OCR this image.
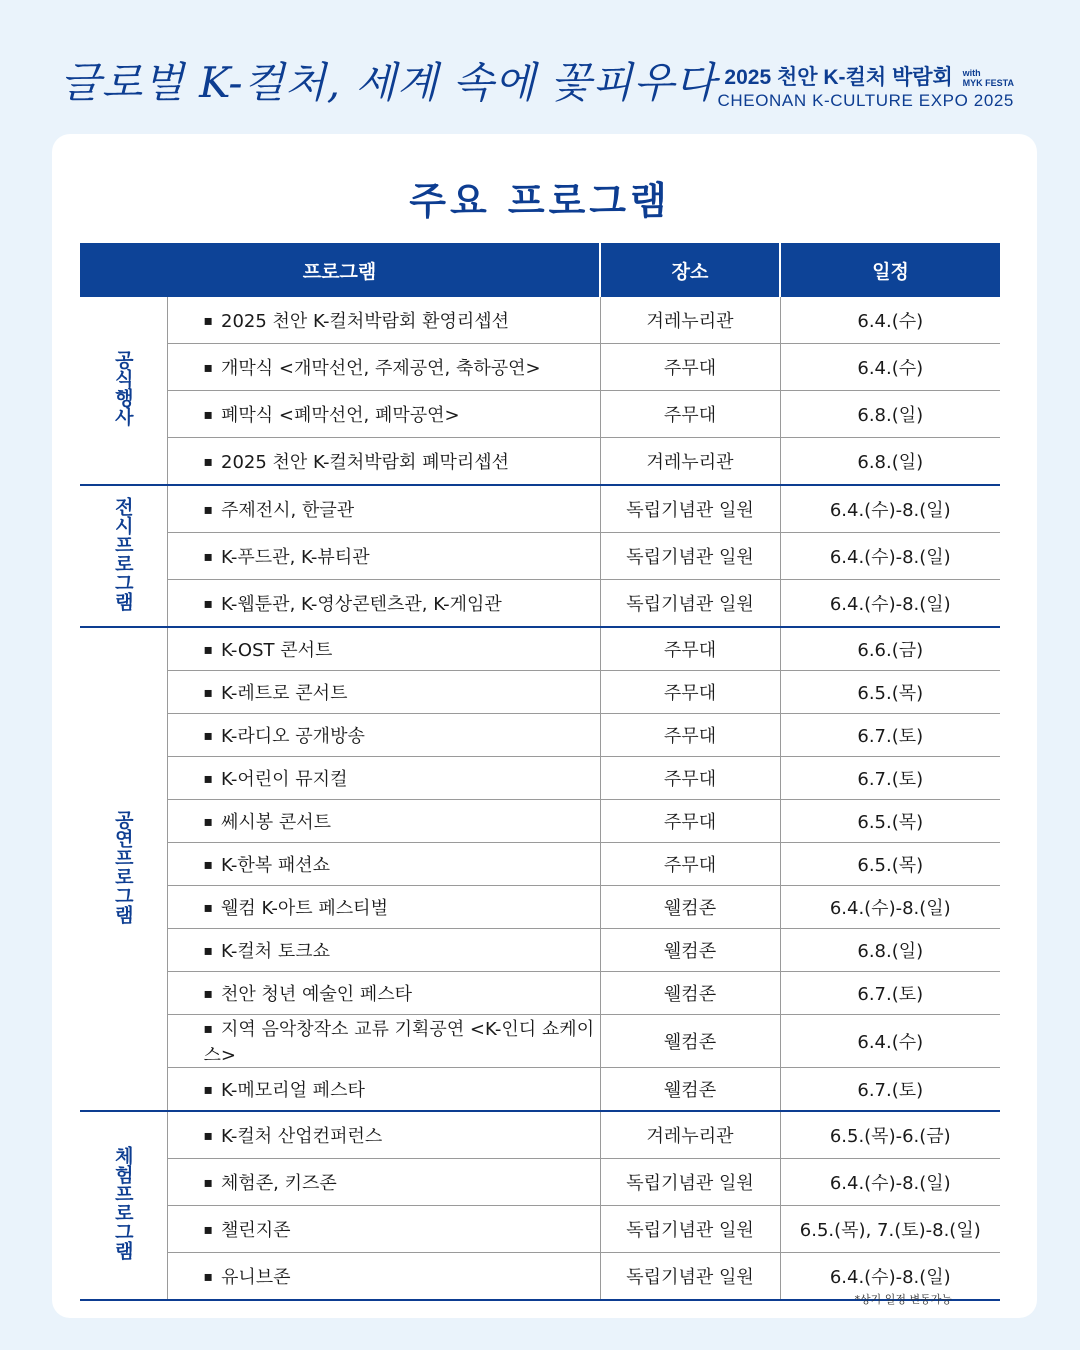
글로벌 K-컬처, 세계 속에 꽃피우다 2025 천안 K-컬처 박람회 with
MYK FESTA
CHEONAN K-CULTURE EXPO 2025
주요 프로그램
프로그램		장소	일정
공식행사	▪ 2025 천안 K-컬처박람회 환영리셉션	겨레누리관	6.4.(수)
	▪ 개막식 <개막선언, 주제공연, 축하공연>	주무대	6.4.(수)
	▪ 폐막식 <폐막선언, 폐막공연>	주무대	6.8.(일)
	▪ 2025 천안 K-컬처박람회 폐막리셉션	겨레누리관	6.8.(일)
전시프로그램	▪ 주제전시, 한글관	독립기념관 일원	6.4.(수)-8.(일)
	▪ K-푸드관, K-뷰티관	독립기념관 일원	6.4.(수)-8.(일)
	▪ K-웹툰관, K-영상콘텐츠관, K-게임관	독립기념관 일원	6.4.(수)-8.(일)
공연프로그램	▪ K-OST 콘서트	주무대	6.6.(금)
	▪ K-레트로 콘서트	주무대	6.5.(목)
	▪ K-라디오 공개방송	주무대	6.7.(토)
	▪ K-어린이 뮤지컬	주무대	6.7.(토)
	▪ 쎄시봉 콘서트	주무대	6.5.(목)
	▪ K-한복 패션쇼	주무대	6.5.(목)
	▪ 웰컴 K-아트 페스티벌	웰컴존	6.4.(수)-8.(일)
	▪ K-컬처 토크쇼	웰컴존	6.8.(일)
	▪ 천안 청년 예술인 페스타	웰컴존	6.7.(토)
	▪ 지역 음악창작소 교류 기획공연 <K-인디 쇼케이스>	웰컴존	6.4.(수)
	▪ K-메모리얼 페스타	웰컴존	6.7.(토)
체험프로그램	▪ K-컬처 산업컨퍼런스	겨레누리관	6.5.(목)-6.(금)
	▪ 체험존, 키즈존	독립기념관 일원	6.4.(수)-8.(일)
	▪ 챌린지존	독립기념관 일원	6.5.(목), 7.(토)-8.(일)
	▪ 유니브존	독립기념관 일원	6.4.(수)-8.(일)
*상기 일정 변동가능
